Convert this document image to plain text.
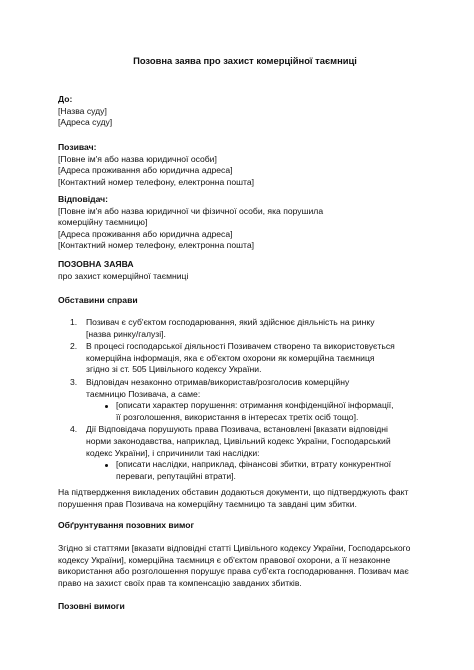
Позовна заява про захист комерційної таємниці
До:
[Назва суду]
[Адреса суду]
Позивач:
[Повне ім'я або назва юридичної особи]
[Адреса проживання або юридична адреса]
[Контактний номер телефону, електронна пошта]
Відповідач:
[Повне ім'я або назва юридичної чи фізичної особи, яка порушила комерційну таємницю]
[Адреса проживання або юридична адреса]
[Контактний номер телефону, електронна пошта]
ПОЗОВНА ЗАЯВА
про захист комерційної таємниці
Обставини справи
1. Позивач є суб'єктом господарювання, який здійснює діяльність на ринку [назва ринку/галузі].
2. В процесі господарської діяльності Позивачем створено та використовується комерційна інформація, яка є об'єктом охорони як комерційна таємниця згідно зі ст. 505 Цивільного кодексу України.
3. Відповідач незаконно отримав/використав/розголосив комерційну таємницю Позивача, а саме:
[описати характер порушення: отримання конфіденційної інформації, її розголошення, використання в інтересах третіх осіб тощо].
4. Дії Відповідача порушують права Позивача, встановлені [вказати відповідні норми законодавства, наприклад, Цивільний кодекс України, Господарський кодекс України], і спричинили такі наслідки:
[описати наслідки, наприклад, фінансові збитки, втрату конкурентної переваги, репутаційні втрати].
На підтвердження викладених обставин додаються документи, що підтверджують факт порушення прав Позивача на комерційну таємницю та завдані цим збитки.
Обґрунтування позовних вимог
Згідно зі статтями [вказати відповідні статті Цивільного кодексу України, Господарського кодексу України], комерційна таємниця є об'єктом правової охорони, а її незаконне використання або розголошення порушує права суб'єкта господарювання. Позивач має право на захист своїх прав та компенсацію завданих збитків.
Позовні вимоги
